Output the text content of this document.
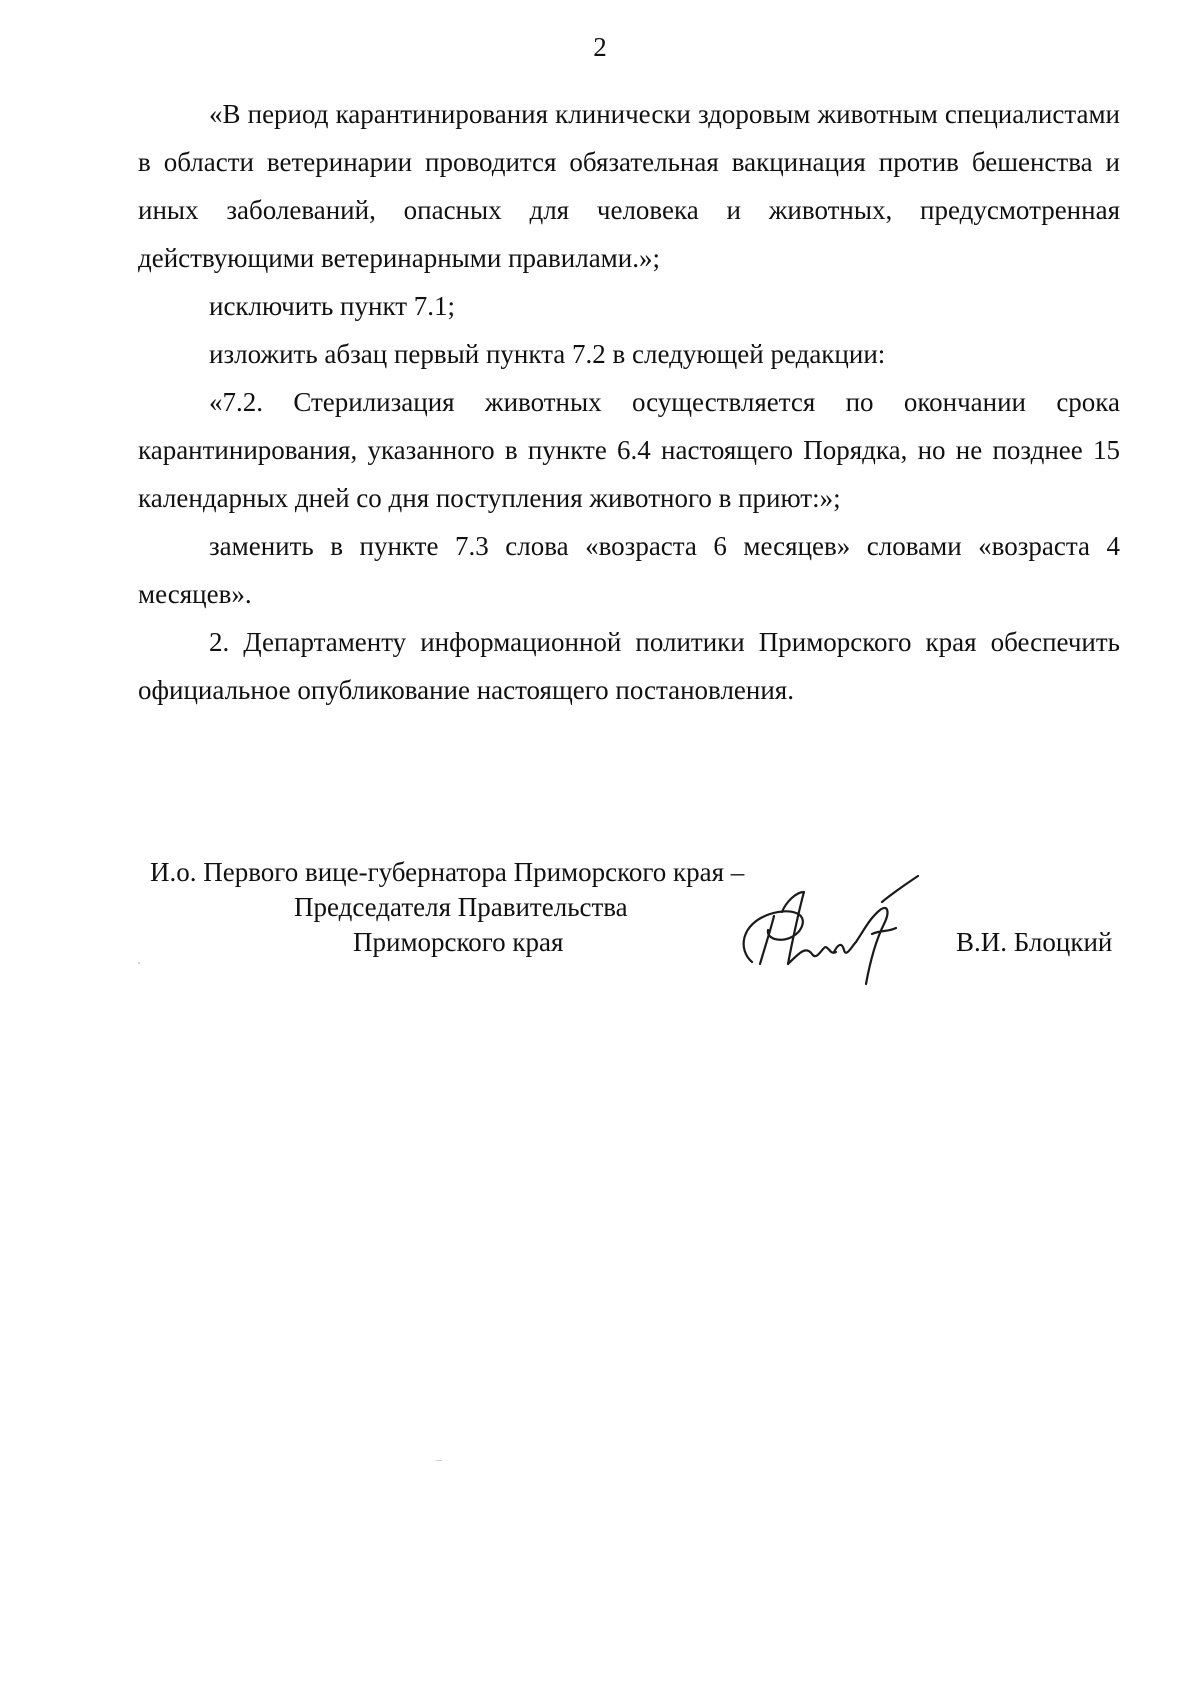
2

«В период карантинирования клинически здоровым животным специалистами в области ветеринарии проводится обязательная вакцинация против бешенства и иных заболеваний, опасных для человека и животных, предусмотренная действующими ветеринарными правилами.»;

исключить пункт 7.1;

изложить абзац первый пункта 7.2 в следующей редакции:

«7.2. Стерилизация животных осуществляется по окончании срока карантинирования, указанного в пункте 6.4 настоящего Порядка, но не позднее 15 календарных дней со дня поступления животного в приют:»;

заменить в пункте 7.3 слова «возраста 6 месяцев» словами «возраста 4 месяцев».

2. Департаменту информационной политики Приморского края обеспечить официальное опубликование настоящего постановления.

И.о. Первого вице-губернатора Приморского края –
Председателя Правительства
Приморского края	В.И. Блоцкий
